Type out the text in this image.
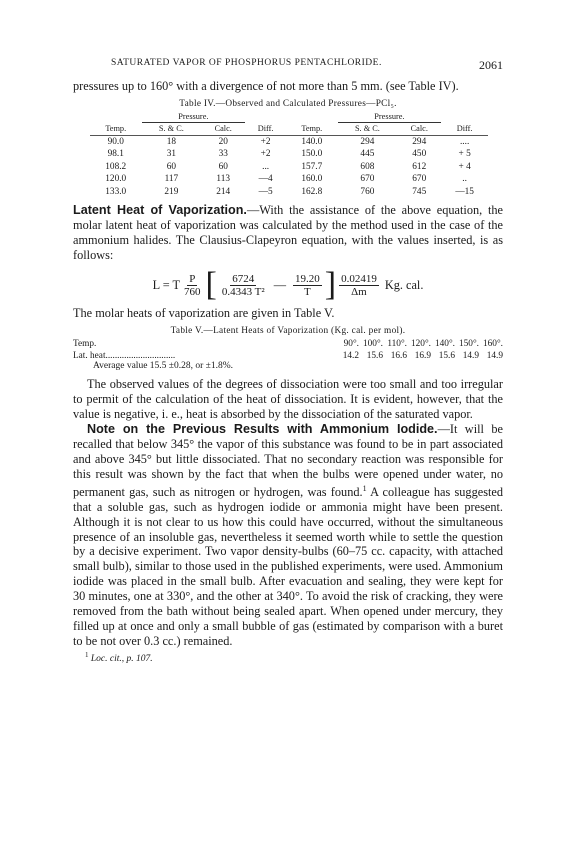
SATURATED VAPOR OF PHOSPHORUS PENTACHLORIDE.	2061

pressures up to 160° with a divergence of not more than 5 mm. (see Table IV).

Table IV.—Observed and Calculated Pressures—PCl₅.
	Pressure.				Pressure.		
Temp.	S. & C.	Calc.	Diff.	Temp.	S. & C.	Calc.	Diff.
90.0	18	20	+2	140.0	294	294	....
98.1	31	33	+2	150.0	445	450	+ 5
108.2	60	60	...	157.7	608	612	+ 4
120.0	117	113	—4	160.0	670	670	..
133.0	219	214	—5	162.8	760	745	—15

Latent Heat of Vaporization.—With the assistance of the above equation, the molar latent heat of vaporization was calculated by the method used in the case of the ammonium halides. The Clausius-Clapeyron equation, with the values inserted, is as follows:

L = T $\frac{P}{760}$ [ $\frac{6724}{\text{0.4343 T²}}$ — $\frac{19.20}{T}$ ] $\frac{0.02419}{\Delta m} Kg$. cal.

The molar heats of vaporization are given in Table V.

Table V.—Latent Heats of Vaporization (Kg. cal. per mol).
Temp.	90°.	100°.	110°.	120°.	140°.	150°.	160°.
Lat. heat..............................	14.2	15.6	16.6	16.9	15.6	14.9	14.9
Average value 15.5 ±0.28, or ±1.8%.

The observed values of the degrees of dissociation were too small and too irregular to permit of the calculation of the heat of dissociation. It is evident, however, that the value is negative, i. e., heat is absorbed by the dissociation of the saturated vapor.

Note on the Previous Results with Ammonium Iodide.—It will be recalled that below 345° the vapor of this substance was found to be in part associated and above 345° but little dissociated. That no secondary reaction was responsible for this result was shown by the fact that when the bulbs were opened under water, no permanent gas, such as nitrogen or hydrogen, was found.$^1$ A colleague has suggested that a soluble gas, such as hydrogen iodide or ammonia might have been present. Although it is not clear to us how this could have occurred, without the simultaneous presence of an insoluble gas, nevertheless it seemed worth while to settle the question by a decisive experiment. Two vapor density-bulbs (60–75 cc. capacity, with attached small bulb), similar to those used in the published experiments, were used. Ammonium iodide was placed in the small bulb. After evacuation and sealing, they were kept for 30 minutes, one at 330°, and the other at 340°. To avoid the risk of cracking, they were removed from the bath without being sealed apart. When opened under mercury, they filled up at once and only a small bubble of gas (estimated by comparison with a buret to be not over 0.3 cc.) remained.

$^1$ Loc. cit., p. 107.
